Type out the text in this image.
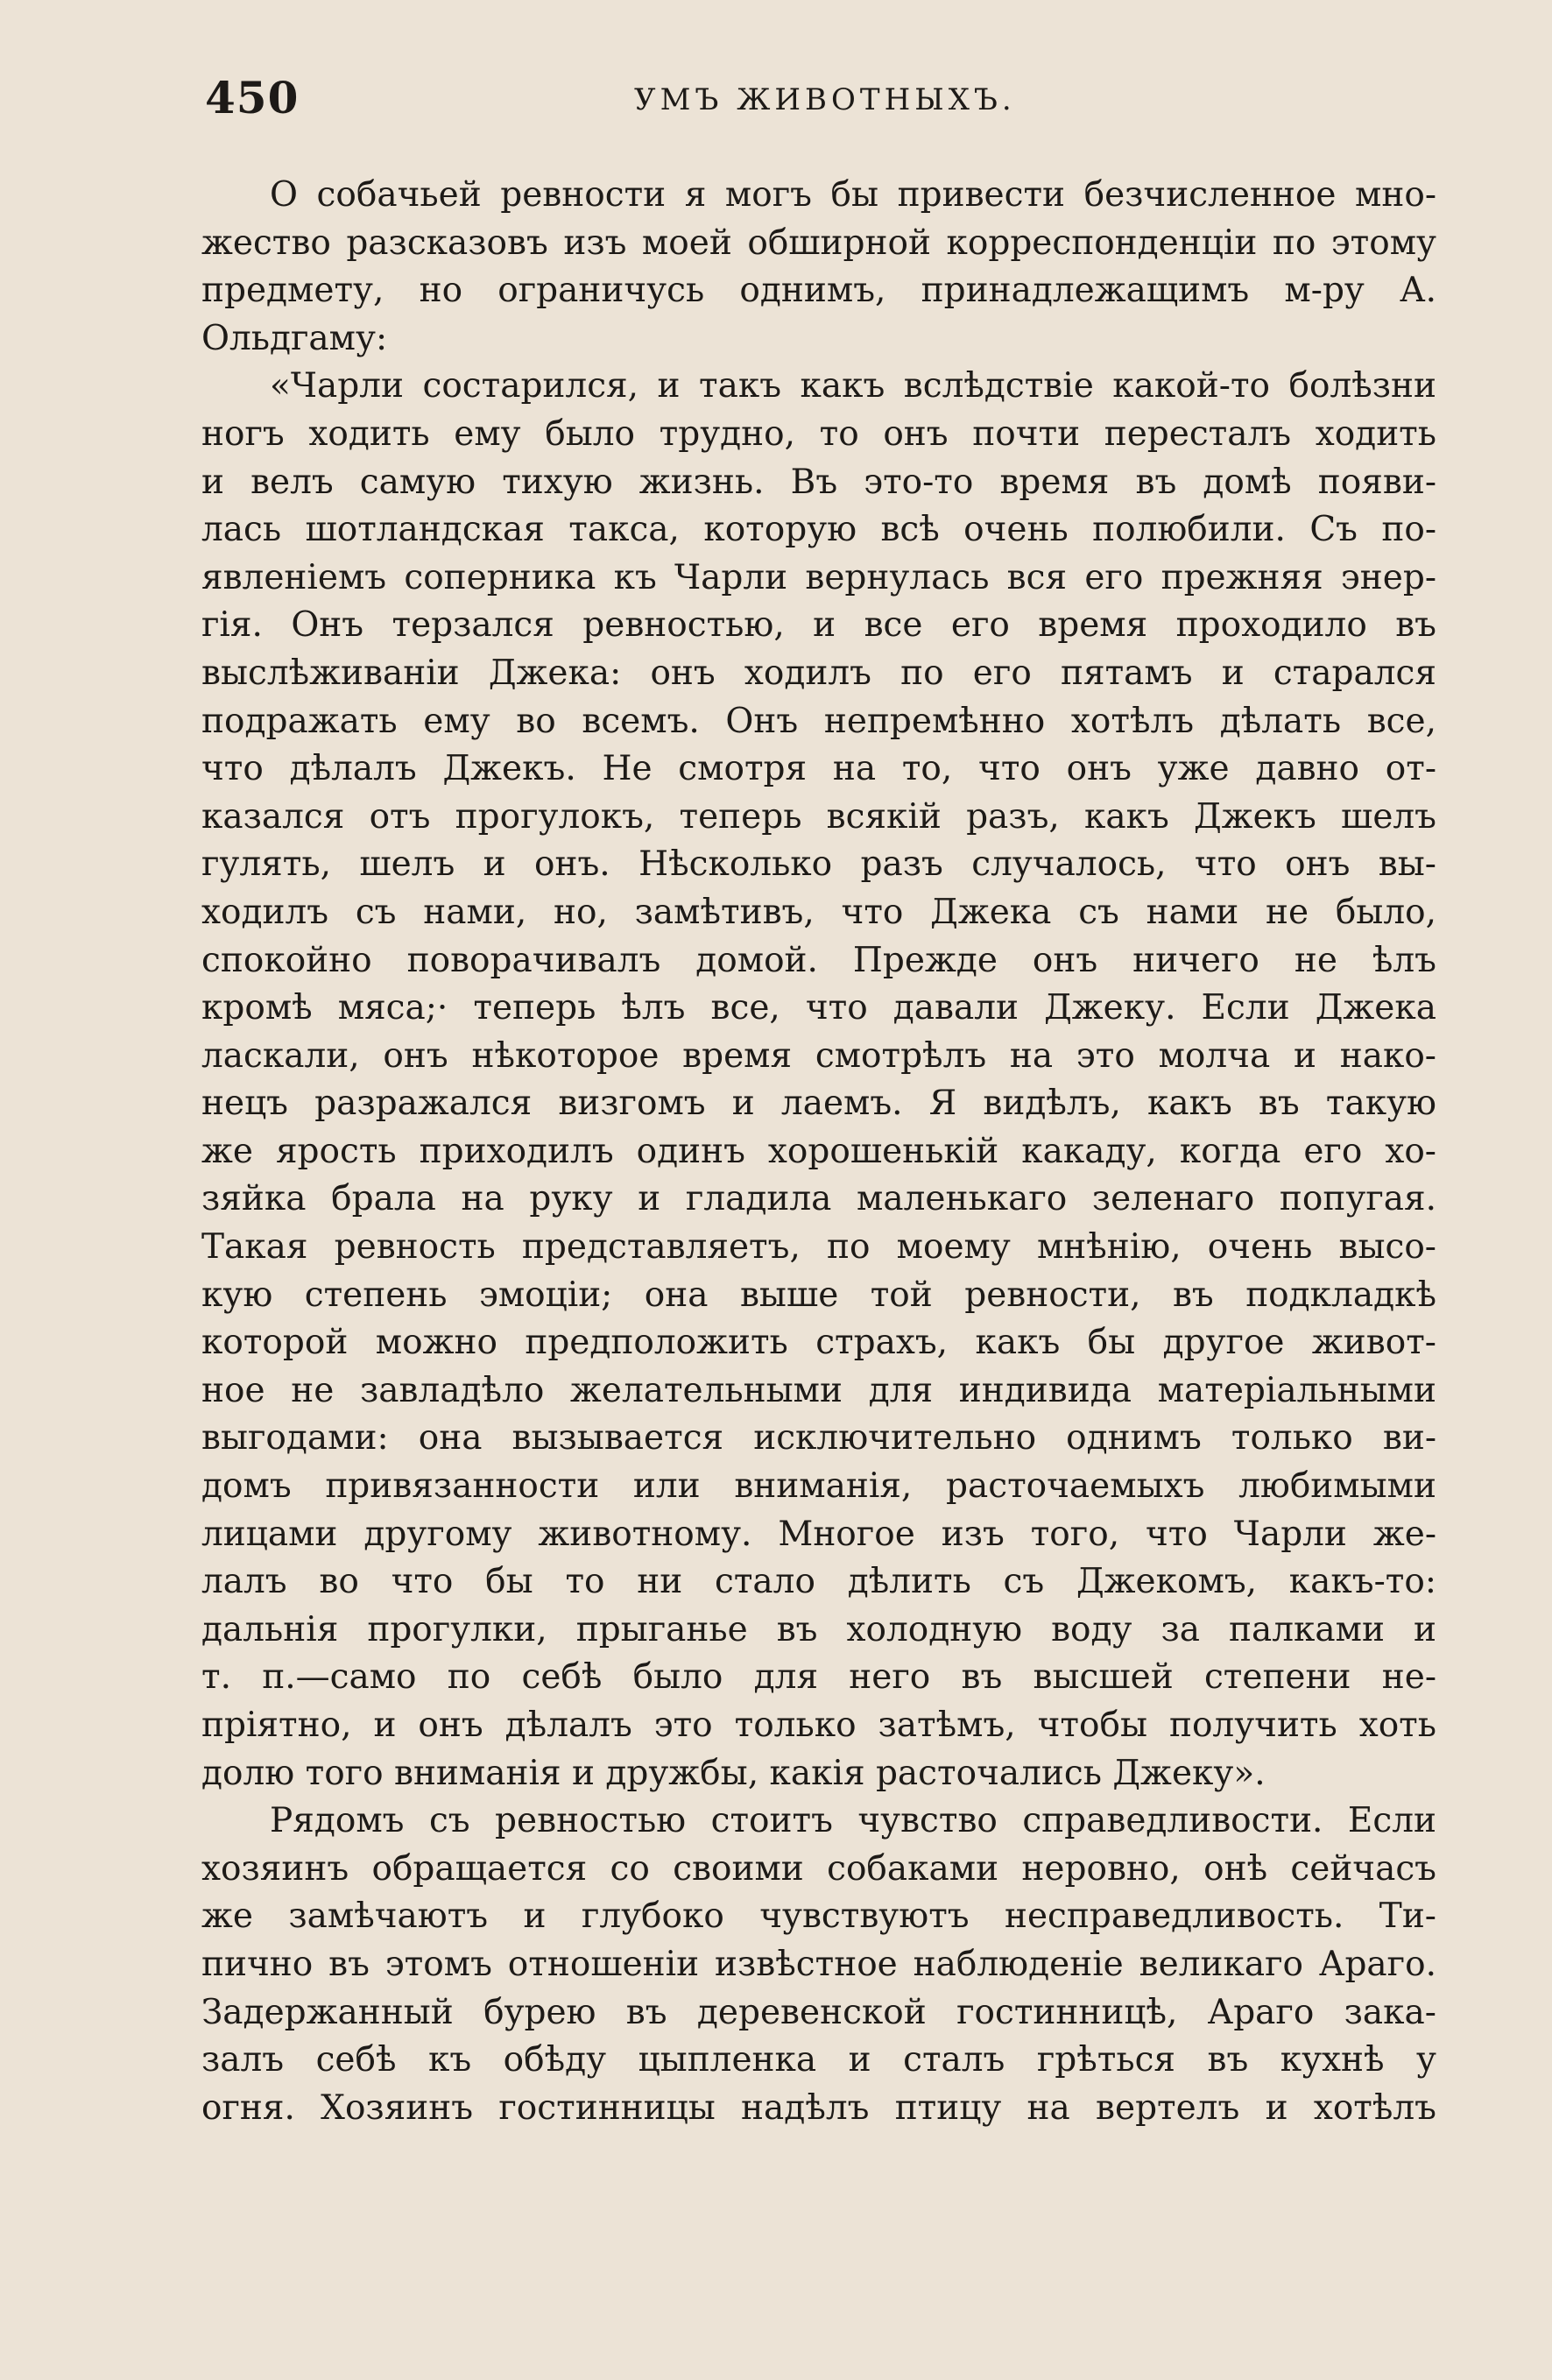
450	УМЪ ЖИВОТНЫХЪ.
О собачьей ревности я могъ бы привести безчисленное мно-
жество разсказовъ изъ моей обширной корреспонденціи по этому
предмету, но ограничусь однимъ, принадлежащимъ м-ру А.
Ольдгаму:
«Чарли состарился, и такъ какъ вслѣдствіе какой-то болѣзни
ногъ ходить ему было трудно, то онъ почти пересталъ ходить
и велъ самую тихую жизнь. Въ это-то время въ домѣ появи-
лась шотландская такса, которую всѣ очень полюбили. Съ по-
явленіемъ соперника къ Чарли вернулась вся его прежняя энер-
гія. Онъ терзался ревностью, и все его время проходило въ
выслѣживаніи Джека: онъ ходилъ по его пятамъ и старался
подражать ему во всемъ. Онъ непремѣнно хотѣлъ дѣлать все,
что дѣлалъ Джекъ. Не смотря на то, что онъ уже давно от-
казался отъ прогулокъ, теперь всякій разъ, какъ Джекъ шелъ
гулять, шелъ и онъ. Нѣсколько разъ случалось, что онъ вы-
ходилъ съ нами, но, замѣтивъ, что Джека съ нами не было,
спокойно поворачивалъ домой. Прежде онъ ничего не ѣлъ
кромѣ мяса;· теперь ѣлъ все, что давали Джеку. Если Джека
ласкали, онъ нѣкоторое время смотрѣлъ на это молча и нако-
нецъ разражался визгомъ и лаемъ. Я видѣлъ, какъ въ такую
же ярость приходилъ одинъ хорошенькій какаду, когда его хо-
зяйка брала на руку и гладила маленькаго зеленаго попугая.
Такая ревность представляетъ, по моему мнѣнію, очень высо-
кую степень эмоціи; она выше той ревности, въ подкладкѣ
которой можно предположить страхъ, какъ бы другое живот-
ное не завладѣло желательными для индивида матеріальными
выгодами: она вызывается исключительно однимъ только ви-
домъ привязанности или вниманія, расточаемыхъ любимыми
лицами другому животному. Многое изъ того, что Чарли же-
лалъ во что бы то ни стало дѣлить съ Джекомъ, какъ-то:
дальнія прогулки, прыганье въ холодную воду за палками и
т. п.—само по себѣ было для него въ высшей степени не-
пріятно, и онъ дѣлалъ это только затѣмъ, чтобы получить хоть
долю того вниманія и дружбы, какія расточались Джеку».
Рядомъ съ ревностью стоитъ чувство справедливости. Если
хозяинъ обращается со своими собаками неровно, онѣ сейчасъ
же замѣчаютъ и глубоко чувствуютъ несправедливость. Ти-
пично въ этомъ отношеніи извѣстное наблюденіе великаго Араго.
Задержанный бурею въ деревенской гостинницѣ, Араго зака-
залъ себѣ къ обѣду цыпленка и сталъ грѣться въ кухнѣ у
огня. Хозяинъ гостинницы надѣлъ птицу на вертелъ и хотѣлъ
